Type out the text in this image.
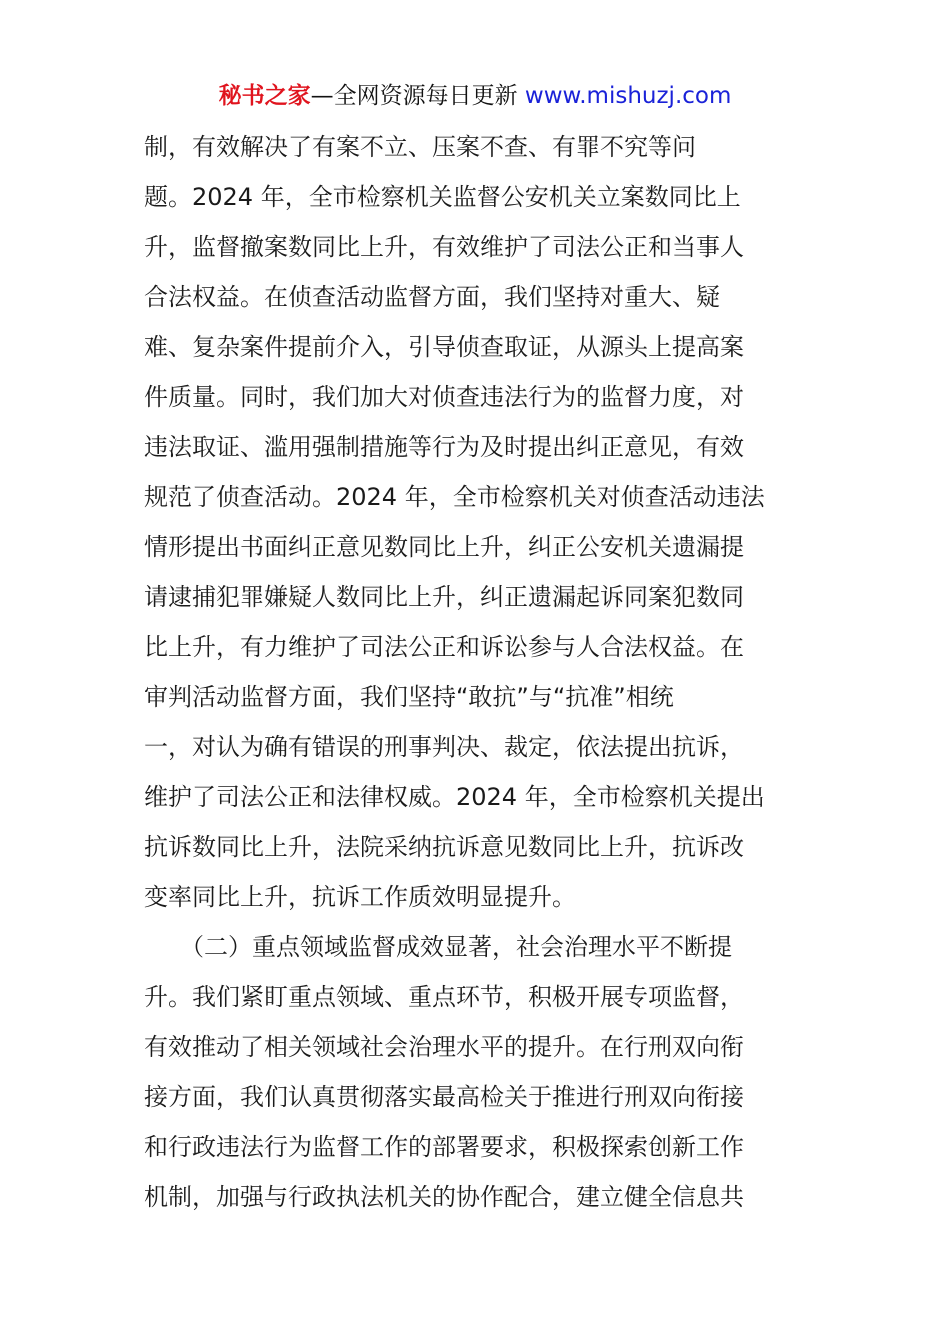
秘书之家—全网资源每日更新 www.mishuzj.com
制，有效解决了有案不立、压案不查、有罪不究等问
题。2024 年，全市检察机关监督公安机关立案数同比上
升，监督撤案数同比上升，有效维护了司法公正和当事人
合法权益。在侦查活动监督方面，我们坚持对重大、疑
难、复杂案件提前介入，引导侦查取证，从源头上提高案
件质量。同时，我们加大对侦查违法行为的监督力度，对
违法取证、滥用强制措施等行为及时提出纠正意见，有效
规范了侦查活动。2024 年，全市检察机关对侦查活动违法
情形提出书面纠正意见数同比上升，纠正公安机关遗漏提
请逮捕犯罪嫌疑人数同比上升，纠正遗漏起诉同案犯数同
比上升，有力维护了司法公正和诉讼参与人合法权益。在
审判活动监督方面，我们坚持“敢抗”与“抗准”相统
一，对认为确有错误的刑事判决、裁定，依法提出抗诉，
维护了司法公正和法律权威。2024 年，全市检察机关提出
抗诉数同比上升，法院采纳抗诉意见数同比上升，抗诉改
变率同比上升，抗诉工作质效明显提升。
　　（二）重点领域监督成效显著，社会治理水平不断提
升。我们紧盯重点领域、重点环节，积极开展专项监督，
有效推动了相关领域社会治理水平的提升。在行刑双向衔
接方面，我们认真贯彻落实最高检关于推进行刑双向衔接
和行政违法行为监督工作的部署要求，积极探索创新工作
机制，加强与行政执法机关的协作配合，建立健全信息共
